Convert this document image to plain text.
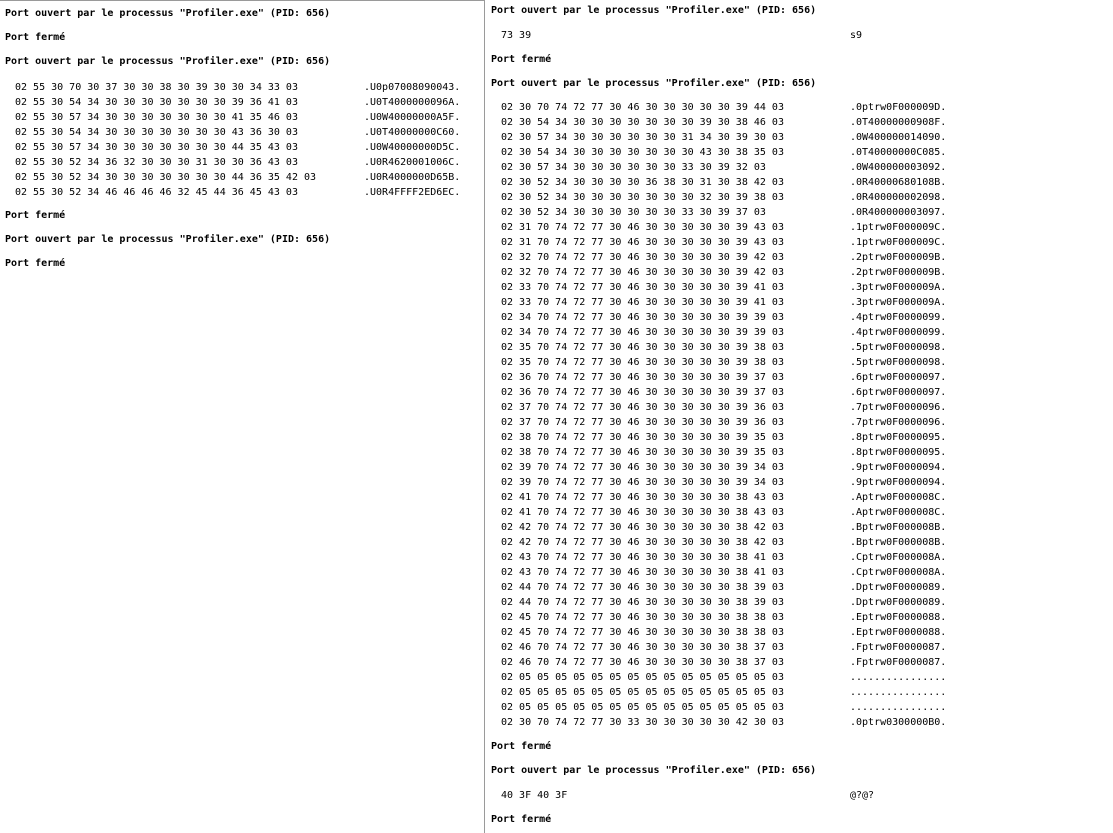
Port ouvert par le processus "Profiler.exe" (PID: 656)
Port fermé
Port ouvert par le processus "Profiler.exe" (PID: 656)
02 55 30 70 30 37 30 30 38 30 39 30 30 34 33 03	.U0p07008090043.
02 55 30 54 34 30 30 30 30 30 30 30 39 36 41 03	.U0T4000000096A.
02 55 30 57 34 30 30 30 30 30 30 30 41 35 46 03	.U0W40000000A5F.
02 55 30 54 34 30 30 30 30 30 30 30 43 36 30 03	.U0T40000000C60.
02 55 30 57 34 30 30 30 30 30 30 30 44 35 43 03	.U0W40000000D5C.
02 55 30 52 34 36 32 30 30 30 31 30 30 36 43 03	.U0R4620001006C.
02 55 30 52 34 30 30 30 30 30 30 30 44 36 35 42 03	.U0R4000000D65B.
02 55 30 52 34 46 46 46 46 32 45 44 36 45 43 03	.U0R4FFFF2ED6EC.
Port fermé
Port ouvert par le processus "Profiler.exe" (PID: 656)
Port fermé
Port ouvert par le processus "Profiler.exe" (PID: 656)
73 39	s9
Port fermé
Port ouvert par le processus "Profiler.exe" (PID: 656)
02 30 70 74 72 77 30 46 30 30 30 30 30 39 44 03	.0ptrw0F000009D.
02 30 54 34 30 30 30 30 30 30 30 39 30 38 46 03	.0T40000000908F.
02 30 57 34 30 30 30 30 30 30 31 34 30 39 30 03	.0W400000014090.
02 30 54 34 30 30 30 30 30 30 30 43 30 38 35 03	.0T40000000C085.
02 30 57 34 30 30 30 30 30 30 33 30 39 32 03	.0W400000003092.
02 30 52 34 30 30 30 30 36 38 30 31 30 38 42 03	.0R40000680108B.
02 30 52 34 30 30 30 30 30 30 30 32 30 39 38 03	.0R400000002098.
02 30 52 34 30 30 30 30 30 30 33 30 39 37 03	.0R400000003097.
02 31 70 74 72 77 30 46 30 30 30 30 30 39 43 03	.1ptrw0F000009C.
02 31 70 74 72 77 30 46 30 30 30 30 30 39 43 03	.1ptrw0F000009C.
02 32 70 74 72 77 30 46 30 30 30 30 30 39 42 03	.2ptrw0F000009B.
02 32 70 74 72 77 30 46 30 30 30 30 30 39 42 03	.2ptrw0F000009B.
02 33 70 74 72 77 30 46 30 30 30 30 30 39 41 03	.3ptrw0F000009A.
02 33 70 74 72 77 30 46 30 30 30 30 30 39 41 03	.3ptrw0F000009A.
02 34 70 74 72 77 30 46 30 30 30 30 30 39 39 03	.4ptrw0F0000099.
02 34 70 74 72 77 30 46 30 30 30 30 30 39 39 03	.4ptrw0F0000099.
02 35 70 74 72 77 30 46 30 30 30 30 30 39 38 03	.5ptrw0F0000098.
02 35 70 74 72 77 30 46 30 30 30 30 30 39 38 03	.5ptrw0F0000098.
02 36 70 74 72 77 30 46 30 30 30 30 30 39 37 03	.6ptrw0F0000097.
02 36 70 74 72 77 30 46 30 30 30 30 30 39 37 03	.6ptrw0F0000097.
02 37 70 74 72 77 30 46 30 30 30 30 30 39 36 03	.7ptrw0F0000096.
02 37 70 74 72 77 30 46 30 30 30 30 30 39 36 03	.7ptrw0F0000096.
02 38 70 74 72 77 30 46 30 30 30 30 30 39 35 03	.8ptrw0F0000095.
02 38 70 74 72 77 30 46 30 30 30 30 30 39 35 03	.8ptrw0F0000095.
02 39 70 74 72 77 30 46 30 30 30 30 30 39 34 03	.9ptrw0F0000094.
02 39 70 74 72 77 30 46 30 30 30 30 30 39 34 03	.9ptrw0F0000094.
02 41 70 74 72 77 30 46 30 30 30 30 30 38 43 03	.Aptrw0F000008C.
02 41 70 74 72 77 30 46 30 30 30 30 30 38 43 03	.Aptrw0F000008C.
02 42 70 74 72 77 30 46 30 30 30 30 30 38 42 03	.Bptrw0F000008B.
02 42 70 74 72 77 30 46 30 30 30 30 30 38 42 03	.Bptrw0F000008B.
02 43 70 74 72 77 30 46 30 30 30 30 30 38 41 03	.Cptrw0F000008A.
02 43 70 74 72 77 30 46 30 30 30 30 30 38 41 03	.Cptrw0F000008A.
02 44 70 74 72 77 30 46 30 30 30 30 30 38 39 03	.Dptrw0F0000089.
02 44 70 74 72 77 30 46 30 30 30 30 30 38 39 03	.Dptrw0F0000089.
02 45 70 74 72 77 30 46 30 30 30 30 30 38 38 03	.Eptrw0F0000088.
02 45 70 74 72 77 30 46 30 30 30 30 30 38 38 03	.Eptrw0F0000088.
02 46 70 74 72 77 30 46 30 30 30 30 30 38 37 03	.Fptrw0F0000087.
02 46 70 74 72 77 30 46 30 30 30 30 30 38 37 03	.Fptrw0F0000087.
02 05 05 05 05 05 05 05 05 05 05 05 05 05 05 03	................
02 05 05 05 05 05 05 05 05 05 05 05 05 05 05 03	................
02 05 05 05 05 05 05 05 05 05 05 05 05 05 05 03	................
02 30 70 74 72 77 30 33 30 30 30 30 30 42 30 03	.0ptrw0300000B0.
Port fermé
Port ouvert par le processus "Profiler.exe" (PID: 656)
40 3F 40 3F	@?@?
Port fermé
